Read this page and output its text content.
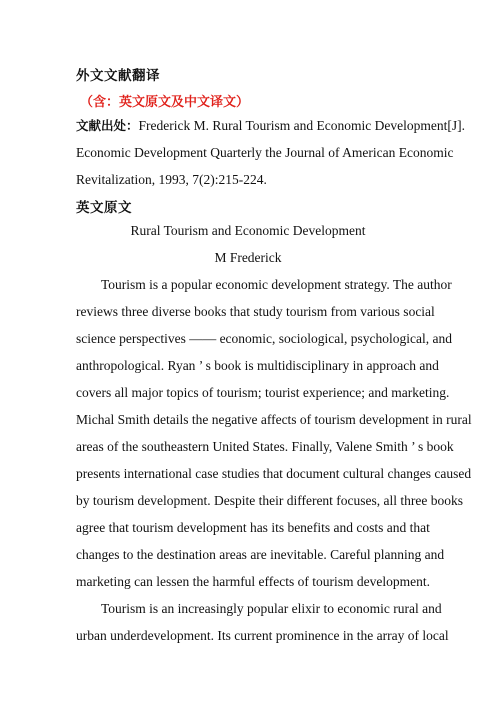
外文文献翻译
（含：英文原文及中文译文）
文献出处：Frederick M. Rural Tourism and Economic Development[J].
Economic Development Quarterly the Journal of American Economic
Revitalization, 1993, 7(2):215-224.
英文原文
Rural Tourism and Economic Development
M Frederick
Tourism is a popular economic development strategy. The author
reviews three diverse books that study tourism from various social
science perspectives —— economic, sociological, psychological, and
anthropological. Ryan ’ s book is multidisciplinary in approach and
covers all major topics of tourism; tourist experience; and marketing.
Michal Smith details the negative affects of tourism development in rural
areas of the southeastern United States. Finally, Valene Smith ’ s book
presents international case studies that document cultural changes caused
by tourism development. Despite their different focuses, all three books
agree that tourism development has its benefits and costs and that
changes to the destination areas are inevitable. Careful planning and
marketing can lessen the harmful effects of tourism development.
Tourism is an increasingly popular elixir to economic rural and
urban underdevelopment. Its current prominence in the array of local
